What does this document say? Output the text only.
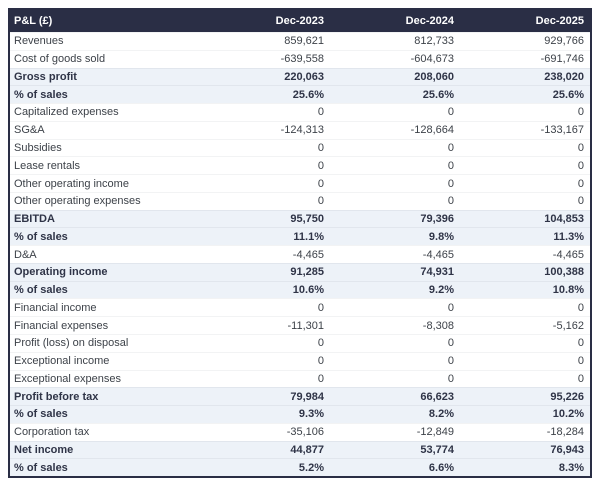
P&L (£)	Dec-2023	Dec-2024	Dec-2025
Revenues	859,621	812,733	929,766
Cost of goods sold	-639,558	-604,673	-691,746
Gross profit	220,063	208,060	238,020
% of sales	25.6%	25.6%	25.6%
Capitalized expenses	0	0	0
SG&A	-124,313	-128,664	-133,167
Subsidies	0	0	0
Lease rentals	0	0	0
Other operating income	0	0	0
Other operating expenses	0	0	0
EBITDA	95,750	79,396	104,853
% of sales	11.1%	9.8%	11.3%
D&A	-4,465	-4,465	-4,465
Operating income	91,285	74,931	100,388
% of sales	10.6%	9.2%	10.8%
Financial income	0	0	0
Financial expenses	-11,301	-8,308	-5,162
Profit (loss) on disposal	0	0	0
Exceptional income	0	0	0
Exceptional expenses	0	0	0
Profit before tax	79,984	66,623	95,226
% of sales	9.3%	8.2%	10.2%
Corporation tax	-35,106	-12,849	-18,284
Net income	44,877	53,774	76,943
% of sales	5.2%	6.6%	8.3%
